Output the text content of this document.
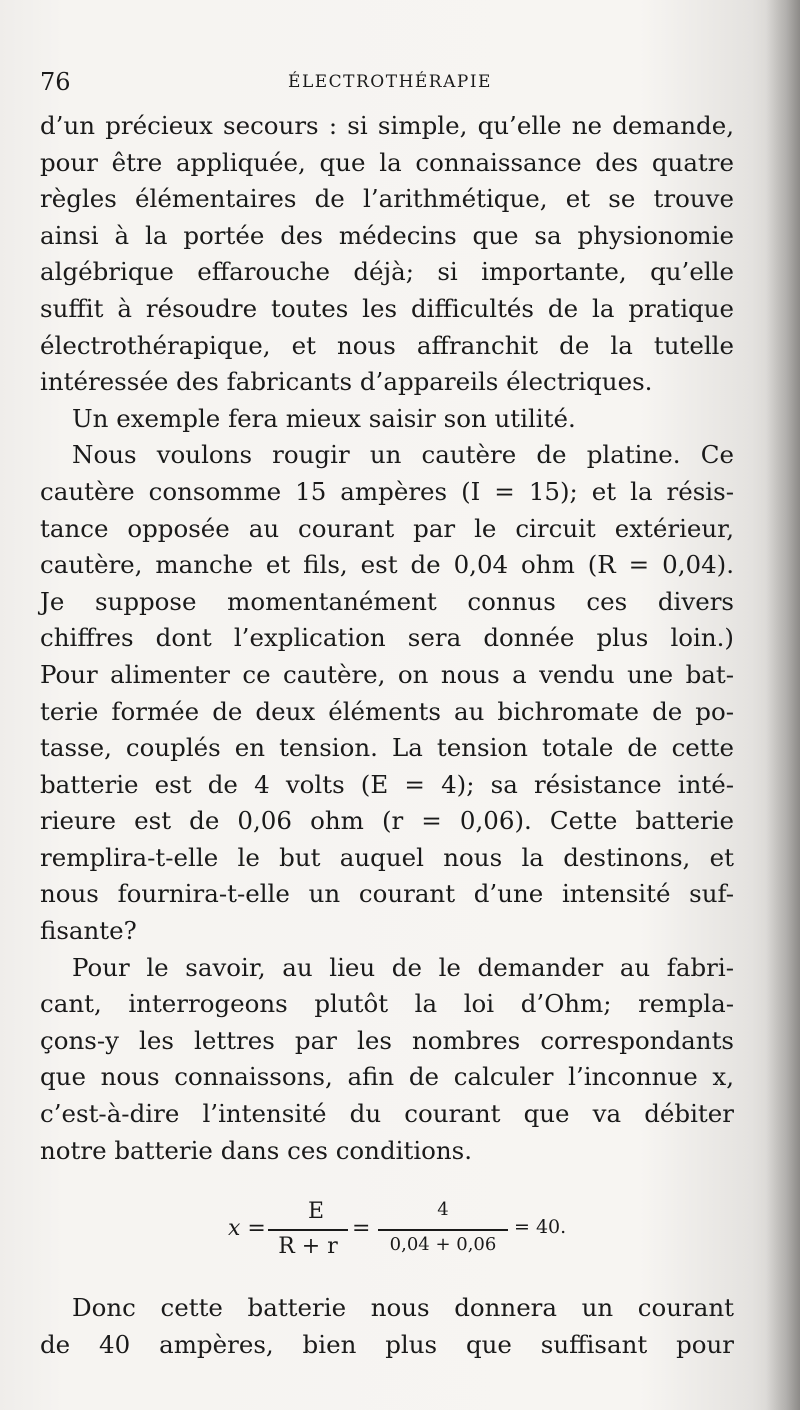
76	ÉLECTROTHÉRAPIE
d’un précieux secours : si simple, qu’elle ne demande,
pour être appliquée, que la connaissance des quatre
règles élémentaires de l’arithmétique, et se trouve
ainsi à la portée des médecins que sa physionomie
algébrique effarouche déjà; si importante, qu’elle
suffit à résoudre toutes les difficultés de la pratique
électrothérapique, et nous affranchit de la tutelle
intéressée des fabricants d’appareils électriques.
Un exemple fera mieux saisir son utilité.
Nous voulons rougir un cautère de platine. Ce
cautère consomme 15 ampères (I = 15); et la résis-
tance opposée au courant par le circuit extérieur,
cautère, manche et fils, est de 0,04 ohm (R = 0,04).
Je suppose momentanément connus ces divers
chiffres dont l’explication sera donnée plus loin.)
Pour alimenter ce cautère, on nous a vendu une bat-
terie formée de deux éléments au bichromate de po-
tasse, couplés en tension. La tension totale de cette
batterie est de 4 volts (E = 4); sa résistance inté-
rieure est de 0,06 ohm (r = 0,06). Cette batterie
remplira-t-elle le but auquel nous la destinons, et
nous fournira-t-elle un courant d’une intensité suf-
fisante?
Pour le savoir, au lieu de le demander au fabri-
cant, interrogeons plutôt la loi d’Ohm; rempla-
çons-y les lettres par les nombres correspondants
que nous connaissons, afin de calculer l’inconnue x,
c’est-à-dire l’intensité du courant que va débiter
notre batterie dans ces conditions.
x =
E
R + r
=
4
0,04 + 0,06
= 40.
Donc cette batterie nous donnera un courant
de 40 ampères, bien plus que suffisant pour
